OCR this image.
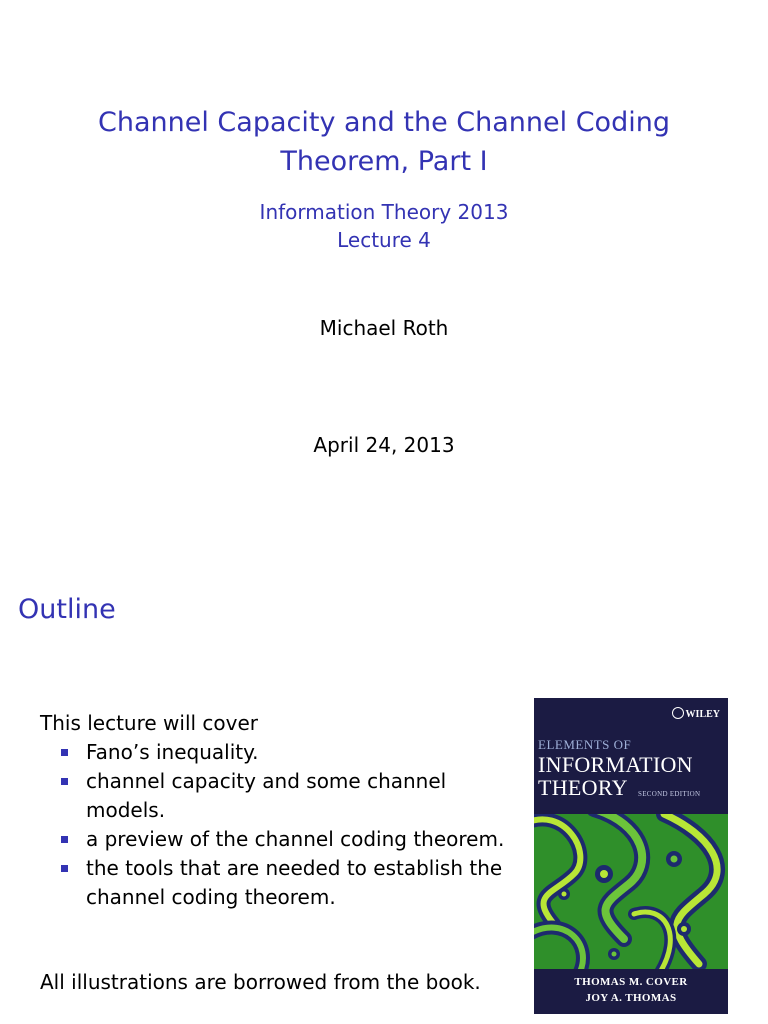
Channel Capacity and the Channel Coding
Theorem, Part I
Information Theory 2013
Lecture 4
Michael Roth
April 24, 2013
Outline

This lecture will cover

Fano’s inequality.
channel capacity and some channel
models.
a preview of the channel coding theorem.
the tools that are needed to establish the
channel coding theorem.
All illustrations are borrowed from the book.
WILEY
ELEMENTS OF
INFORMATION
THEORY SECOND EDITION
THOMAS M. COVER
JOY A. THOMAS
